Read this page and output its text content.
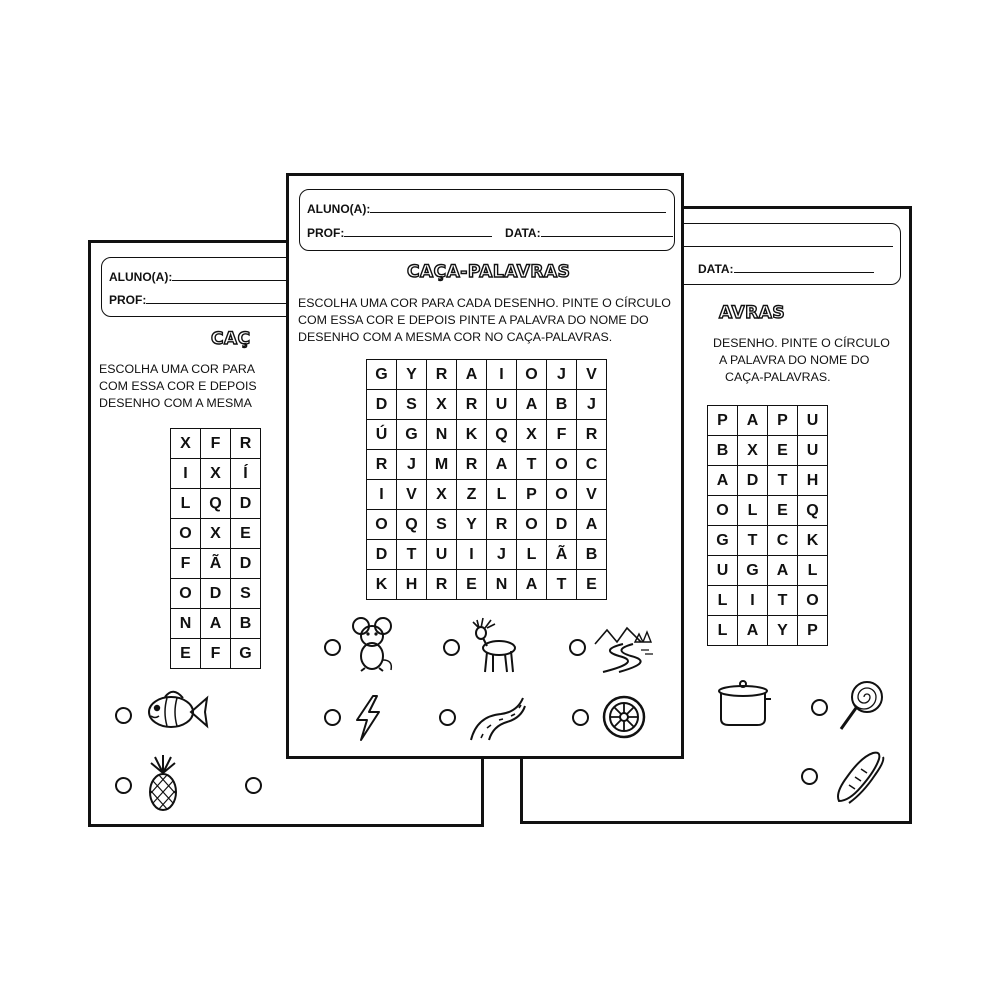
ALUNO(A):
PROF:
CAÇ
ESCOLHA UMA COR PARA
COM ESSA COR E DEPOIS
DESENHO COM A MESMA
X	F	R
I	X	Í
L	Q	D
O	X	E
F	Ã	D
O	D	S
N	A	B
E	F	G
DATA:
AVRAS
DESENHO. PINTE O CÍRCULO
A PALAVRA DO NOME DO
CAÇA-PALAVRAS.
P	A	P	U
B	X	E	U
A	D	T	H
O	L	E	Q
G	T	C	K
U	G	A	L
L	I	T	O
L	A	Y	P
ALUNO(A):
PROF:	DATA:
CAÇA-PALAVRAS
ESCOLHA UMA COR PARA CADA DESENHO. PINTE O CÍRCULO
COM ESSA COR E DEPOIS PINTE A PALAVRA DO NOME DO
DESENHO COM A MESMA COR NO CAÇA-PALAVRAS.
G	Y	R	A	I	O	J	V
D	S	X	R	U	A	B	J
Ú	G	N	K	Q	X	F	R
R	J	M	R	A	T	O	C
I	V	X	Z	L	P	O	V
O	Q	S	Y	R	O	D	A
D	T	U	I	J	L	Ã	B
K	H	R	E	N	A	T	E
